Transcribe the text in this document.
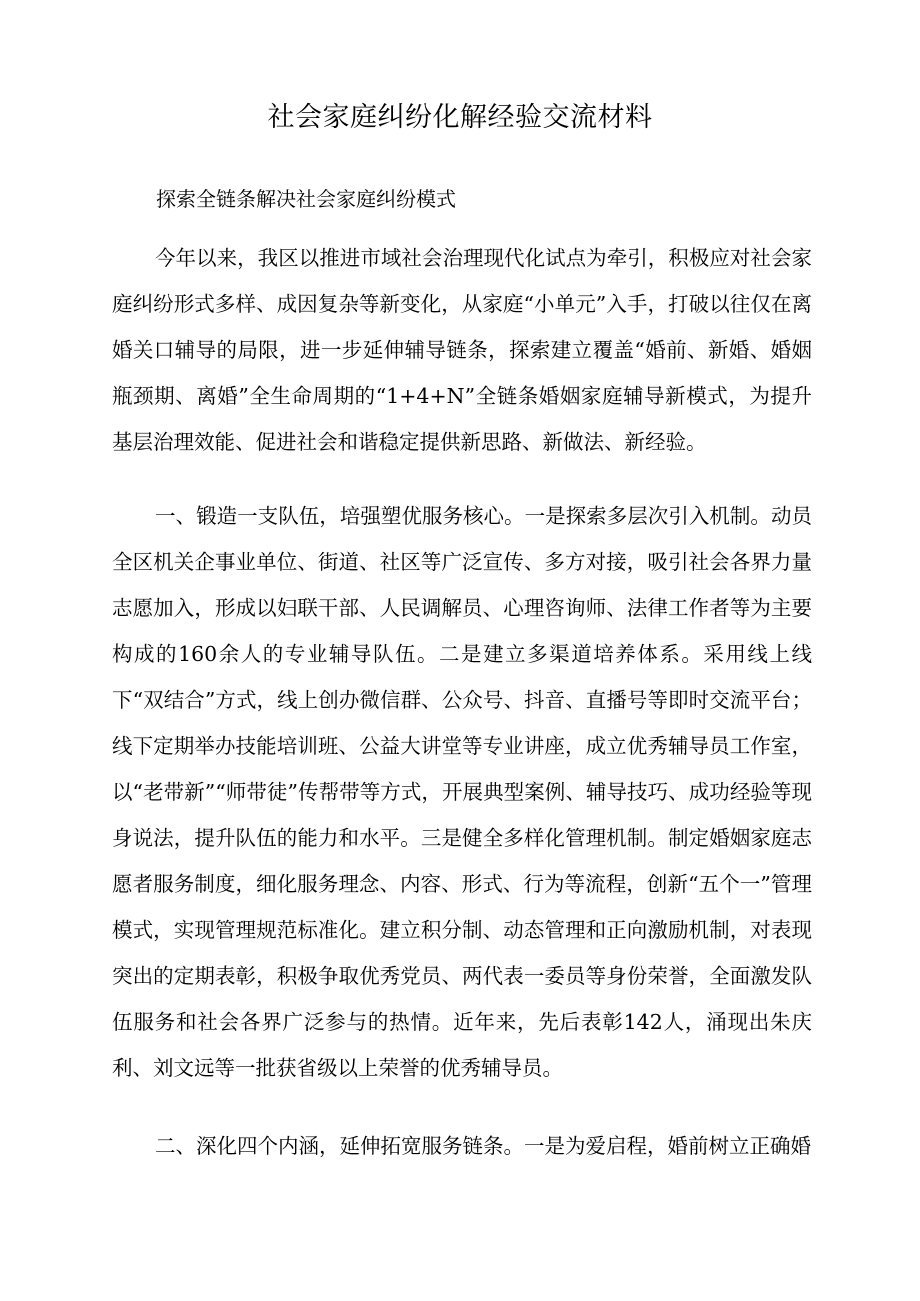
社会家庭纠纷化解经验交流材料

探索全链条解决社会家庭纠纷模式

今年以来，我区以推进市域社会治理现代化试点为牵引，积极应对社会家庭纠纷形式多样、成因复杂等新变化，从家庭“小单元”入手，打破以往仅在离婚关口辅导的局限，进一步延伸辅导链条，探索建立覆盖“婚前、新婚、婚姻瓶颈期、离婚”全生命周期的“1+4+N”全链条婚姻家庭辅导新模式，为提升基层治理效能、促进社会和谐稳定提供新思路、新做法、新经验。

一、锻造一支队伍，培强塑优服务核心。一是探索多层次引入机制。动员全区机关企事业单位、街道、社区等广泛宣传、多方对接，吸引社会各界力量志愿加入，形成以妇联干部、人民调解员、心理咨询师、法律工作者等为主要构成的160余人的专业辅导队伍。二是建立多渠道培养体系。采用线上线下“双结合”方式，线上创办微信群、公众号、抖音、直播号等即时交流平台；线下定期举办技能培训班、公益大讲堂等专业讲座，成立优秀辅导员工作室，以“老带新”“师带徒”传帮带等方式，开展典型案例、辅导技巧、成功经验等现身说法，提升队伍的能力和水平。三是健全多样化管理机制。制定婚姻家庭志愿者服务制度，细化服务理念、内容、形式、行为等流程，创新“五个一”管理模式，实现管理规范标准化。建立积分制、动态管理和正向激励机制，对表现突出的定期表彰，积极争取优秀党员、两代表一委员等身份荣誉，全面激发队伍服务和社会各界广泛参与的热情。近年来，先后表彰142人，涌现出朱庆利、刘文远等一批获省级以上荣誉的优秀辅导员。

二、深化四个内涵，延伸拓宽服务链条。一是为爱启程，婚前树立正确婚
